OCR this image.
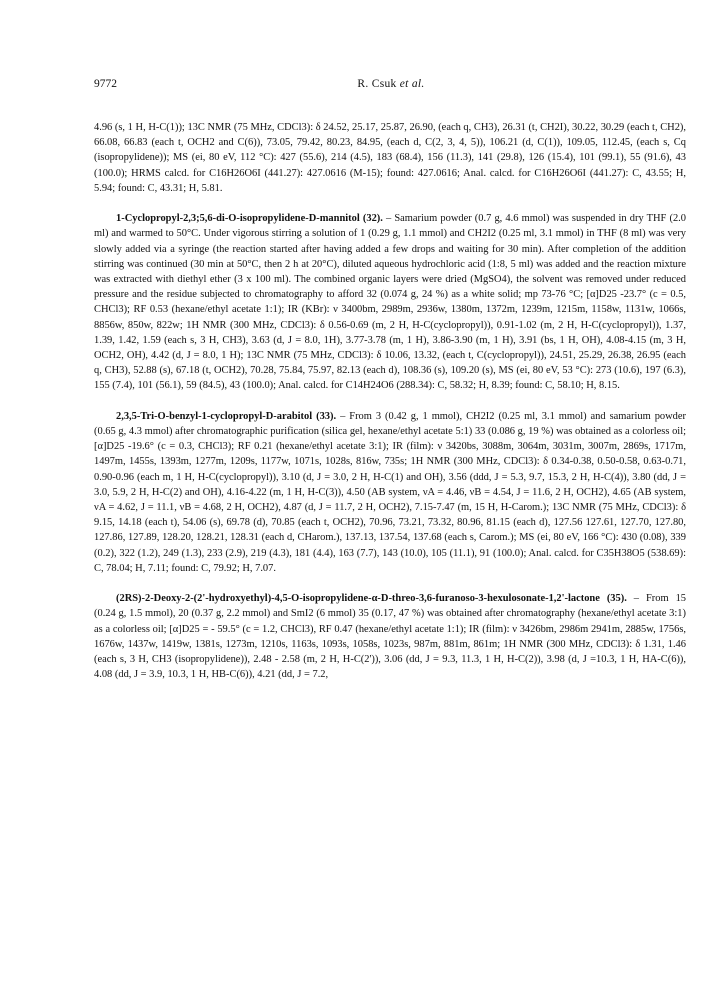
9772	R. Csuk et al.

4.96 (s, 1 H, H-C(1)); 13C NMR (75 MHz, CDCl3): δ 24.52, 25.17, 25.87, 26.90, (each q, CH3), 26.31 (t, CH2I), 30.22, 30.29 (each t, CH2), 66.08, 66.83 (each t, OCH2 and C(6)), 73.05, 79.42, 80.23, 84.95, (each d, C(2, 3, 4, 5)), 106.21 (d, C(1)), 109.05, 112.45, (each s, Cq (isopropylidene)); MS (ei, 80 eV, 112 °C): 427 (55.6), 214 (4.5), 183 (68.4), 156 (11.3), 141 (29.8), 126 (15.4), 101 (99.1), 55 (91.6), 43 (100.0); HRMS calcd. for C16H26O6I (441.27): 427.0616 (M-15); found: 427.0616; Anal. calcd. for C16H26O6I (441.27): C, 43.55; H, 5.94; found: C, 43.31; H, 5.81.

1-Cyclopropyl-2,3;5,6-di-O-isopropylidene-D-mannitol (32). – Samarium powder (0.7 g, 4.6 mmol) was suspended in dry THF (2.0 ml) and warmed to 50°C. Under vigorous stirring a solution of 1 (0.29 g, 1.1 mmol) and CH2I2 (0.25 ml, 3.1 mmol) in THF (8 ml) was very slowly added via a syringe (the reaction started after having added a few drops and waiting for 30 min). After completion of the addition stirring was continued (30 min at 50°C, then 2 h at 20°C), diluted aqueous hydrochloric acid (1:8, 5 ml) was added and the reaction mixture was extracted with diethyl ether (3 x 100 ml). The combined organic layers were dried (MgSO4), the solvent was removed under reduced pressure and the residue subjected to chromatography to afford 32 (0.074 g, 24 %) as a white solid; mp 73-76 °C; [α]D25 -23.7° (c = 0.5, CHCl3); RF 0.53 (hexane/ethyl acetate 1:1); IR (KBr): ν 3400bm, 2989m, 2936w, 1380m, 1372m, 1239m, 1215m, 1158w, 1131w, 1066s, 8856w, 850w, 822w; 1H NMR (300 MHz, CDCl3): δ 0.56-0.69 (m, 2 H, H-C(cyclopropyl)), 0.91-1.02 (m, 2 H, H-C(cyclopropyl)), 1.37, 1.39, 1.42, 1.59 (each s, 3 H, CH3), 3.63 (d, J = 8.0, 1H), 3.77-3.78 (m, 1 H), 3.86-3.90 (m, 1 H), 3.91 (bs, 1 H, OH), 4.08-4.15 (m, 3 H, OCH2, OH), 4.42 (d, J = 8.0, 1 H); 13C NMR (75 MHz, CDCl3): δ 10.06, 13.32, (each t, C(cyclopropyl)), 24.51, 25.29, 26.38, 26.95 (each q, CH3), 52.88 (s), 67.18 (t, OCH2), 70.28, 75.84, 75.97, 82.13 (each d), 108.36 (s), 109.20 (s), MS (ei, 80 eV, 53 °C): 273 (10.6), 197 (6.3), 155 (7.4), 101 (56.1), 59 (84.5), 43 (100.0); Anal. calcd. for C14H24O6 (288.34): C, 58.32; H, 8.39; found: C, 58.10; H, 8.15.

2,3,5-Tri-O-benzyl-1-cyclopropyl-D-arabitol (33). – From 3 (0.42 g, 1 mmol), CH2I2 (0.25 ml, 3.1 mmol) and samarium powder (0.65 g, 4.3 mmol) after chromatographic purification (silica gel, hexane/ethyl acetate 5:1) 33 (0.086 g, 19 %) was obtained as a colorless oil; [α]D25 -19.6° (c = 0.3, CHCl3); RF 0.21 (hexane/ethyl acetate 3:1); IR (film): ν 3420bs, 3088m, 3064m, 3031m, 3007m, 2869s, 1717m, 1497m, 1455s, 1393m, 1277m, 1209s, 1177w, 1071s, 1028s, 816w, 735s; 1H NMR (300 MHz, CDCl3): δ 0.34-0.38, 0.50-0.58, 0.63-0.71, 0.90-0.96 (each m, 1 H, H-C(cyclopropyl)), 3.10 (d, J = 3.0, 2 H, H-C(1) and OH), 3.56 (ddd, J = 5.3, 9.7, 15.3, 2 H, H-C(4)), 3.80 (dd, J = 3.0, 5.9, 2 H, H-C(2) and OH), 4.16-4.22 (m, 1 H, H-C(3)), 4.50 (AB system, νA = 4.46, νB = 4.54, J = 11.6, 2 H, OCH2), 4.65 (AB system, νA = 4.62, J = 11.1, νB = 4.68, 2 H, OCH2), 4.87 (d, J = 11.7, 2 H, OCH2), 7.15-7.47 (m, 15 H, H-Carom.); 13C NMR (75 MHz, CDCl3): δ 9.15, 14.18 (each t), 54.06 (s), 69.78 (d), 70.85 (each t, OCH2), 70.96, 73.21, 73.32, 80.96, 81.15 (each d), 127.56 127.61, 127.70, 127.80, 127.86, 127.89, 128.20, 128.21, 128.31 (each d, CHarom.), 137.13, 137.54, 137.68 (each s, Carom.); MS (ei, 80 eV, 166 °C): 430 (0.08), 339 (0.2), 322 (1.2), 249 (1.3), 233 (2.9), 219 (4.3), 181 (4.4), 163 (7.7), 143 (10.0), 105 (11.1), 91 (100.0); Anal. calcd. for C35H38O5 (538.69): C, 78.04; H, 7.11; found: C, 79.92; H, 7.07.

(2RS)-2-Deoxy-2-(2'-hydroxyethyl)-4,5-O-isopropylidene-α-D-threo-3,6-furanoso-3-hexulosonate-1,2'-lactone (35). – From 15 (0.24 g, 1.5 mmol), 20 (0.37 g, 2.2 mmol) and SmI2 (6 mmol) 35 (0.17, 47 %) was obtained after chromatography (hexane/ethyl acetate 3:1) as a colorless oil; [α]D25 = - 59.5° (c = 1.2, CHCl3), RF 0.47 (hexane/ethyl acetate 1:1); IR (film): ν 3426bm, 2986m 2941m, 2885w, 1756s, 1676w, 1437w, 1419w, 1381s, 1273m, 1210s, 1163s, 1093s, 1058s, 1023s, 987m, 881m, 861m; 1H NMR (300 MHz, CDCl3): δ 1.31, 1.46 (each s, 3 H, CH3 (isopropylidene)), 2.48 - 2.58 (m, 2 H, H-C(2')), 3.06 (dd, J = 9.3, 11.3, 1 H, H-C(2)), 3.98 (d, J =10.3, 1 H, HA-C(6)), 4.08 (dd, J = 3.9, 10.3, 1 H, HB-C(6)), 4.21 (dd, J = 7.2,
